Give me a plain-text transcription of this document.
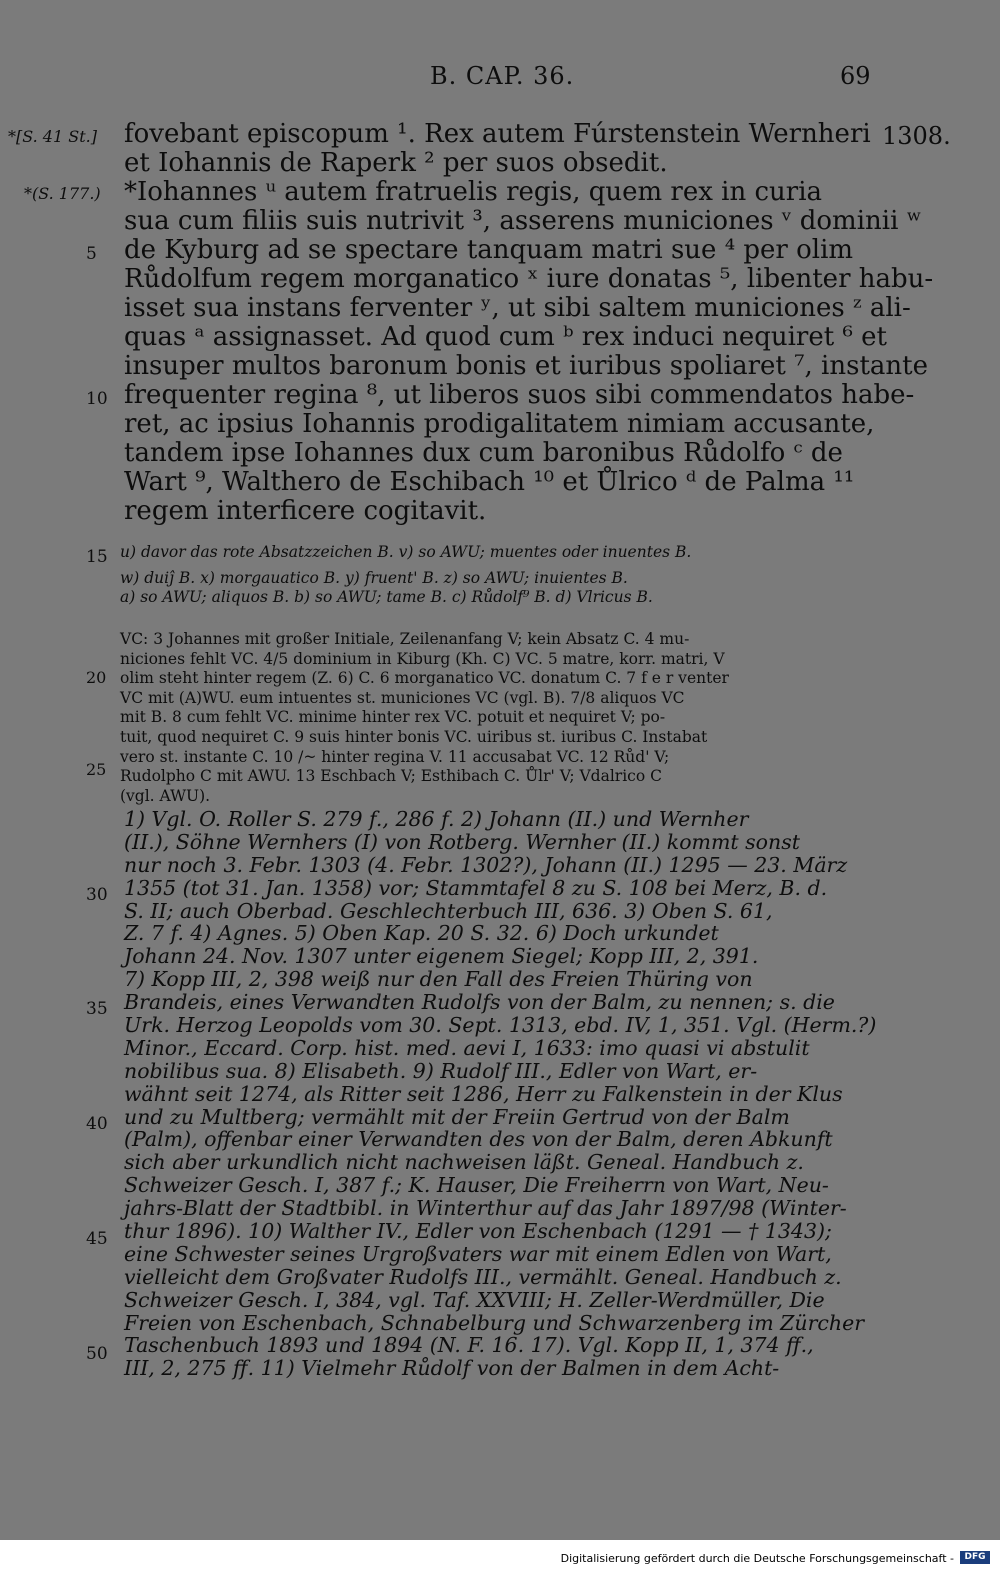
B. CAP. 36.	69
*[S. 41 St.]
*(S. 177.)
1308.
5
10
15
fovebant episcopum ¹. Rex autem Fúrstenstein Wernheri
et Iohannis de Raperk ² per suos obsedit.
*Iohannes ᵘ autem fratruelis regis, quem rex in curia
sua cum filiis suis nutrivit ³, asserens municiones ᵛ dominii ʷ
de Kyburg ad se spectare tanquam matri sue ⁴ per olim
Růdolfum regem morganatico ˣ iure donatas ⁵, libenter habu-
isset sua instans ferventer ʸ, ut sibi saltem municiones ᶻ ali-
quas ᵃ assignasset. Ad quod cum ᵇ rex induci nequiret ⁶ et
insuper multos baronum bonis et iuribus spoliaret ⁷, instante
frequenter regina ⁸, ut liberos suos sibi commendatos habe-
ret, ac ipsius Iohannis prodigalitatem nimiam accusante,
tandem ipse Iohannes dux cum baronibus Růdolfo ᶜ de
Wart ⁹, Walthero de Eschibach ¹⁰ et Ůlrico ᵈ de Palma ¹¹
regem interficere cogitavit.
u) davor das rote Absatzzeichen B. v) so AWU; muentes oder inuentes B.
w) duiĵ B. x) morgauatico B. y) fruent' B. z) so AWU; inuientes B.
a) so AWU; aliquos B. b) so AWU; tame B. c) Růdolf⁹ B. d) Vlricus B.
20
25
VC: 3 Johannes mit großer Initiale, Zeilenanfang V; kein Absatz C. 4 mu-
niciones fehlt VC. 4/5 dominium in Kiburg (Kh. C) VC. 5 matre, korr. matri, V
olim steht hinter regem (Z. 6) C. 6 morganatico VC. donatum C. 7 f e r venter
VC mit (A)WU. eum intuentes st. municiones VC (vgl. B). 7/8 aliquos VC
mit B. 8 cum fehlt VC. minime hinter rex VC. potuit et nequiret V; po-
tuit, quod nequiret C. 9 suis hinter bonis VC. uiribus st. iuribus C. Instabat
vero st. instante C. 10 /~ hinter regina V. 11 accusabat VC. 12 Růd' V;
Rudolpho C mit AWU. 13 Eschbach V; Esthibach C. Ůlr' V; Vdalrico C
(vgl. AWU).
30
35
40
45
50
1) Vgl. O. Roller S. 279 f., 286 f. 2) Johann (II.) und Wernher
(II.), Söhne Wernhers (I) von Rotberg. Wernher (II.) kommt sonst
nur noch 3. Febr. 1303 (4. Febr. 1302?), Johann (II.) 1295 — 23. März
1355 (tot 31. Jan. 1358) vor; Stammtafel 8 zu S. 108 bei Merz, B. d.
S. II; auch Oberbad. Geschlechterbuch III, 636. 3) Oben S. 61,
Z. 7 f. 4) Agnes. 5) Oben Kap. 20 S. 32. 6) Doch urkundet
Johann 24. Nov. 1307 unter eigenem Siegel; Kopp III, 2, 391.
7) Kopp III, 2, 398 weiß nur den Fall des Freien Thüring von
Brandeis, eines Verwandten Rudolfs von der Balm, zu nennen; s. die
Urk. Herzog Leopolds vom 30. Sept. 1313, ebd. IV, 1, 351. Vgl. (Herm.?)
Minor., Eccard. Corp. hist. med. aevi I, 1633: imo quasi vi abstulit
nobilibus sua. 8) Elisabeth. 9) Rudolf III., Edler von Wart, er-
wähnt seit 1274, als Ritter seit 1286, Herr zu Falkenstein in der Klus
und zu Multberg; vermählt mit der Freiin Gertrud von der Balm
(Palm), offenbar einer Verwandten des von der Balm, deren Abkunft
sich aber urkundlich nicht nachweisen läßt. Geneal. Handbuch z.
Schweizer Gesch. I, 387 f.; K. Hauser, Die Freiherrn von Wart, Neu-
jahrs-Blatt der Stadtbibl. in Winterthur auf das Jahr 1897/98 (Winter-
thur 1896). 10) Walther IV., Edler von Eschenbach (1291 — † 1343);
eine Schwester seines Urgroßvaters war mit einem Edlen von Wart,
vielleicht dem Großvater Rudolfs III., vermählt. Geneal. Handbuch z.
Schweizer Gesch. I, 384, vgl. Taf. XXVIII; H. Zeller-Werdmüller, Die
Freien von Eschenbach, Schnabelburg und Schwarzenberg im Zürcher
Taschenbuch 1893 und 1894 (N. F. 16. 17). Vgl. Kopp II, 1, 374 ff.,
III, 2, 275 ff. 11) Vielmehr Růdolf von der Balmen in dem Acht-
Digitalisierung gefördert durch die Deutsche Forschungsgemeinschaft -	DFG
